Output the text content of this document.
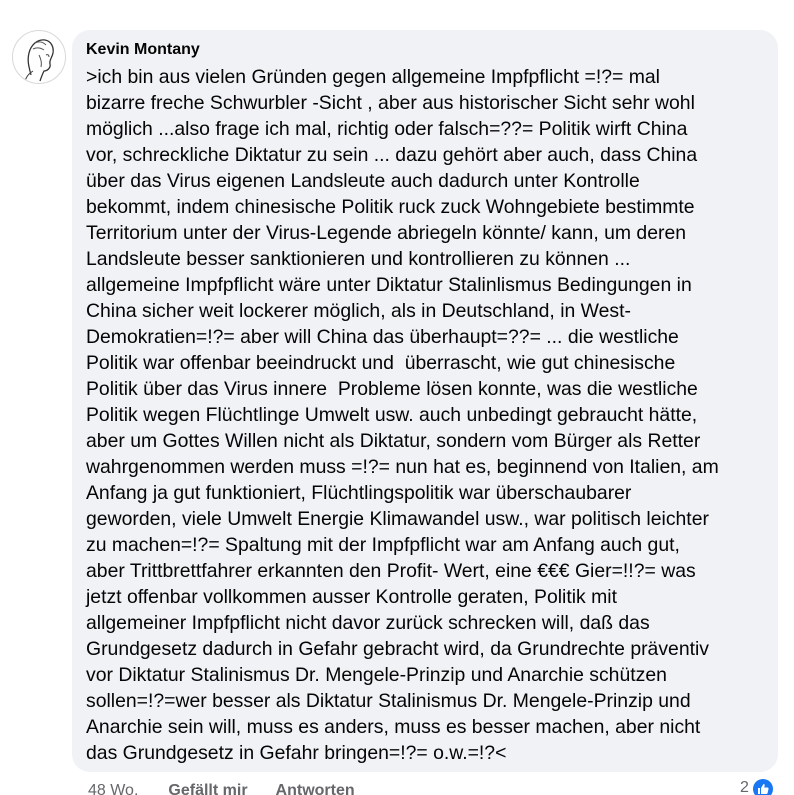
Kevin Montany
>ich bin aus vielen Gründen gegen allgemeine Impfpflicht =!?= mal
bizarre freche Schwurbler -Sicht , aber aus historischer Sicht sehr wohl
möglich ...also frage ich mal, richtig oder falsch=??= Politik wirft China
vor, schreckliche Diktatur zu sein ... dazu gehört aber auch, dass China
über das Virus eigenen Landsleute auch dadurch unter Kontrolle
bekommt, indem chinesische Politik ruck zuck Wohngebiete bestimmte
Territorium unter der Virus-Legende abriegeln könnte/ kann, um deren
Landsleute besser sanktionieren und kontrollieren zu können ...
allgemeine Impfpflicht wäre unter Diktatur Stalinlismus Bedingungen in
China sicher weit lockerer möglich, als in Deutschland, in West-
Demokratien=!?= aber will China das überhaupt=??= ... die westliche
Politik war offenbar beeindruckt und  überrascht, wie gut chinesische
Politik über das Virus innere  Probleme lösen konnte, was die westliche
Politik wegen Flüchtlinge Umwelt usw. auch unbedingt gebraucht hätte,
aber um Gottes Willen nicht als Diktatur, sondern vom Bürger als Retter
wahrgenommen werden muss =!?= nun hat es, beginnend von Italien, am
Anfang ja gut funktioniert, Flüchtlingspolitik war überschaubarer
geworden, viele Umwelt Energie Klimawandel usw., war politisch leichter
zu machen=!?= Spaltung mit der Impfpflicht war am Anfang auch gut,
aber Trittbrettfahrer erkannten den Profit- Wert, eine €€€ Gier=!!?= was
jetzt offenbar vollkommen ausser Kontrolle geraten, Politik mit
allgemeiner Impfpflicht nicht davor zurück schrecken will, daß das
Grundgesetz dadurch in Gefahr gebracht wird, da Grundrechte präventiv
vor Diktatur Stalinismus Dr. Mengele-Prinzip und Anarchie schützen
sollen=!?=wer besser als Diktatur Stalinismus Dr. Mengele-Prinzip und
Anarchie sein will, muss es anders, muss es besser machen, aber nicht
das Grundgesetz in Gefahr bringen=!?= o.w.=!?<
48 Wo. Gefällt mir Antworten	2
